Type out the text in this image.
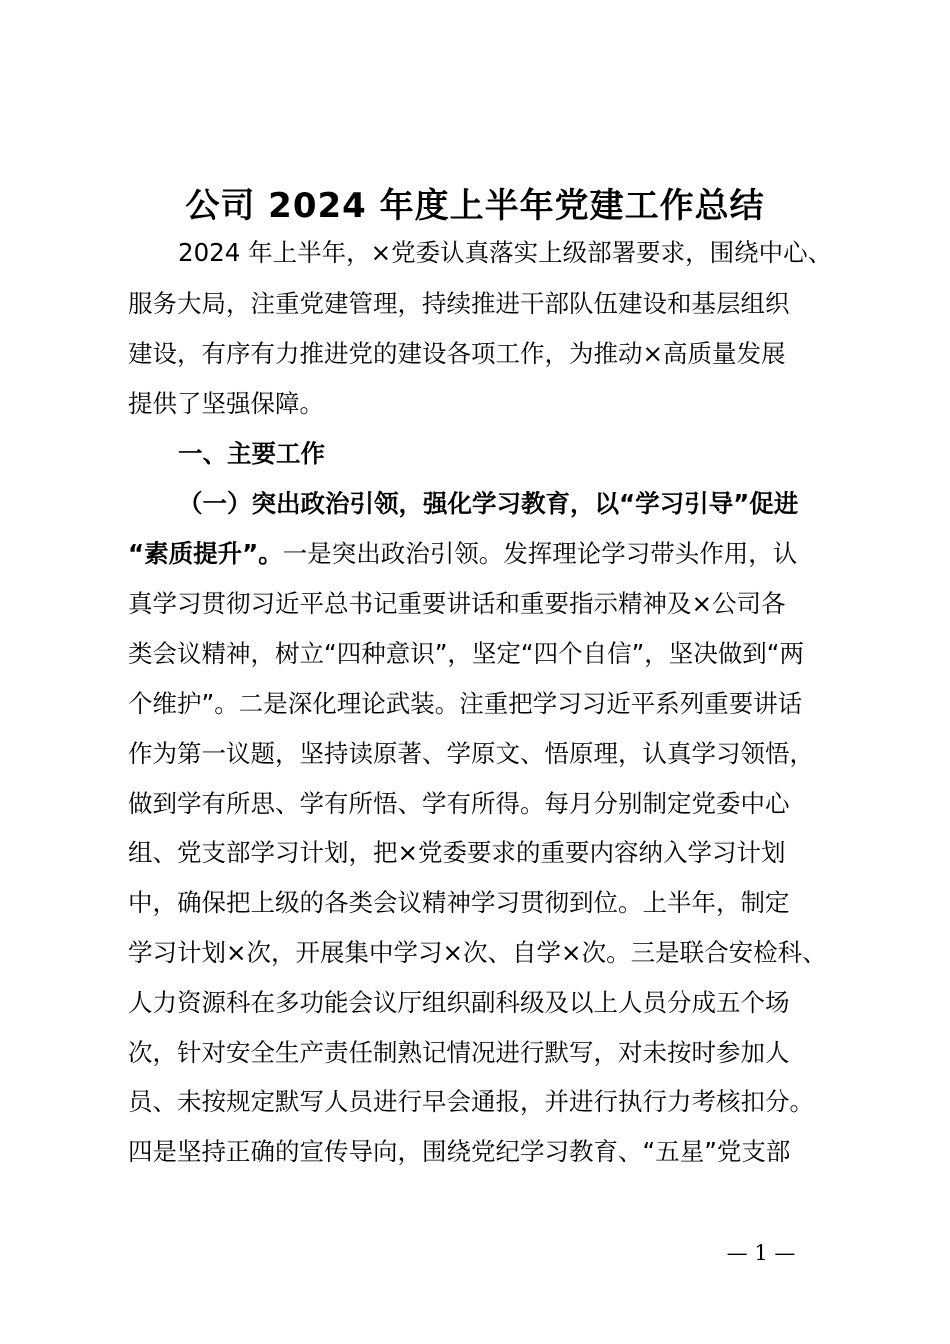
公司 2024 年度上半年党建工作总结
2024 年上半年，×党委认真落实上级部署要求，围绕中心、
服务大局，注重党建管理，持续推进干部队伍建设和基层组织
建设，有序有力推进党的建设各项工作，为推动×高质量发展
提供了坚强保障。
一、主要工作
（一）突出政治引领，强化学习教育，以“学习引导”促进
“素质提升”。一是突出政治引领。发挥理论学习带头作用，认
真学习贯彻习近平总书记重要讲话和重要指示精神及×公司各
类会议精神，树立“四种意识”，坚定“四个自信”，坚决做到“两
个维护”。二是深化理论武装。注重把学习习近平系列重要讲话
作为第一议题，坚持读原著、学原文、悟原理，认真学习领悟，
做到学有所思、学有所悟、学有所得。每月分别制定党委中心
组、党支部学习计划，把×党委要求的重要内容纳入学习计划
中，确保把上级的各类会议精神学习贯彻到位。上半年，制定
学习计划×次，开展集中学习×次、自学×次。三是联合安检科、
人力资源科在多功能会议厅组织副科级及以上人员分成五个场
次，针对安全生产责任制熟记情况进行默写，对未按时参加人
员、未按规定默写人员进行早会通报，并进行执行力考核扣分。
四是坚持正确的宣传导向，围绕党纪学习教育、“五星”党支部
— 1 —
